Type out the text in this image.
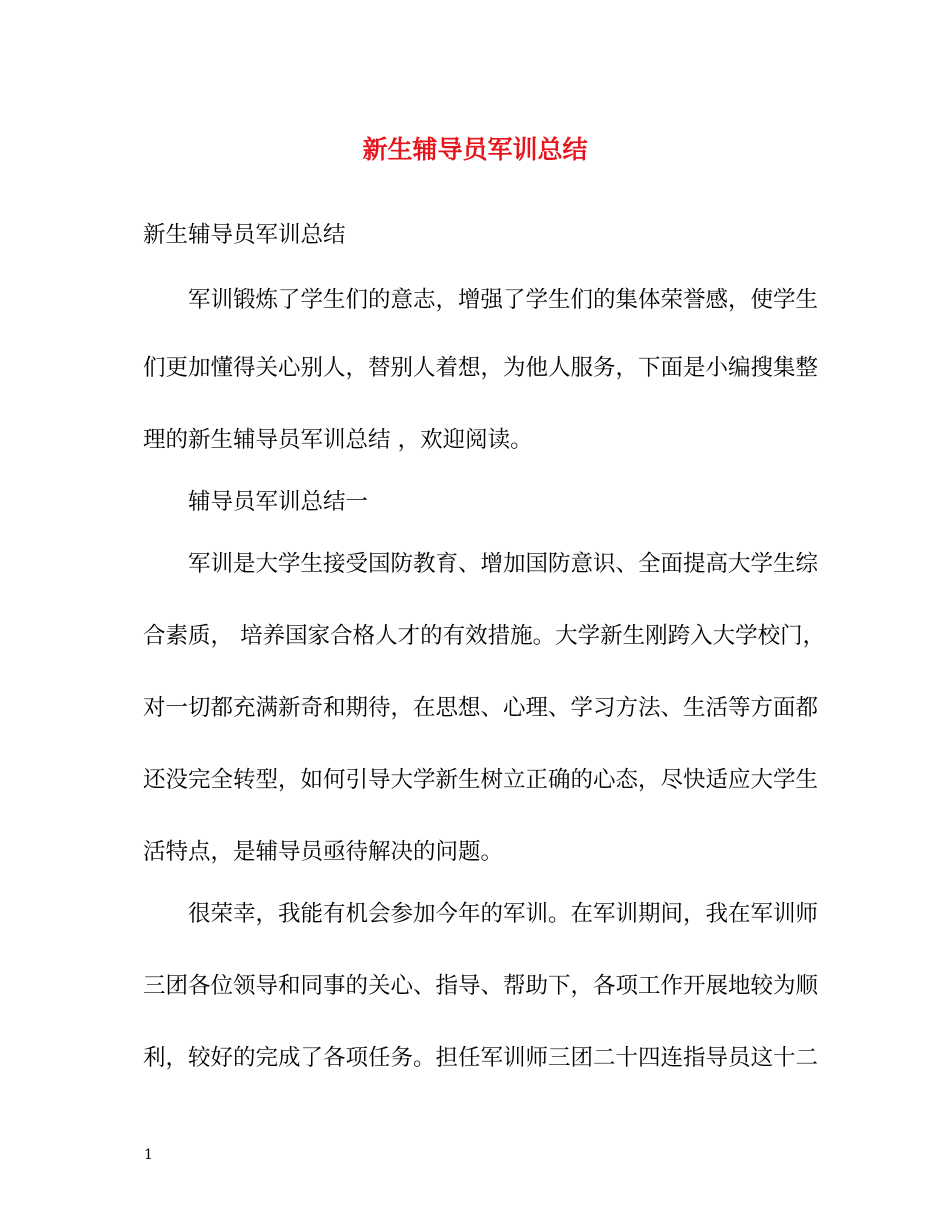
新生辅导员军训总结
新生辅导员军训总结
军训锻炼了学生们的意志，增强了学生们的集体荣誉感，使学生
们更加懂得关心别人，替别人着想，为他人服务，下面是小编搜集整
理的新生辅导员军训总结 ，欢迎阅读。
辅导员军训总结一
军训是大学生接受国防教育、增加国防意识、全面提高大学生综
合素质， 培养国家合格人才的有效措施。大学新生刚跨入大学校门，
对一切都充满新奇和期待，在思想、心理、学习方法、生活等方面都
还没完全转型，如何引导大学新生树立正确的心态，尽快适应大学生
活特点，是辅导员亟待解决的问题。
很荣幸，我能有机会参加今年的军训。在军训期间，我在军训师
三团各位领导和同事的关心、指导、帮助下，各项工作开展地较为顺
利，较好的完成了各项任务。担任军训师三团二十四连指导员这十二
1
